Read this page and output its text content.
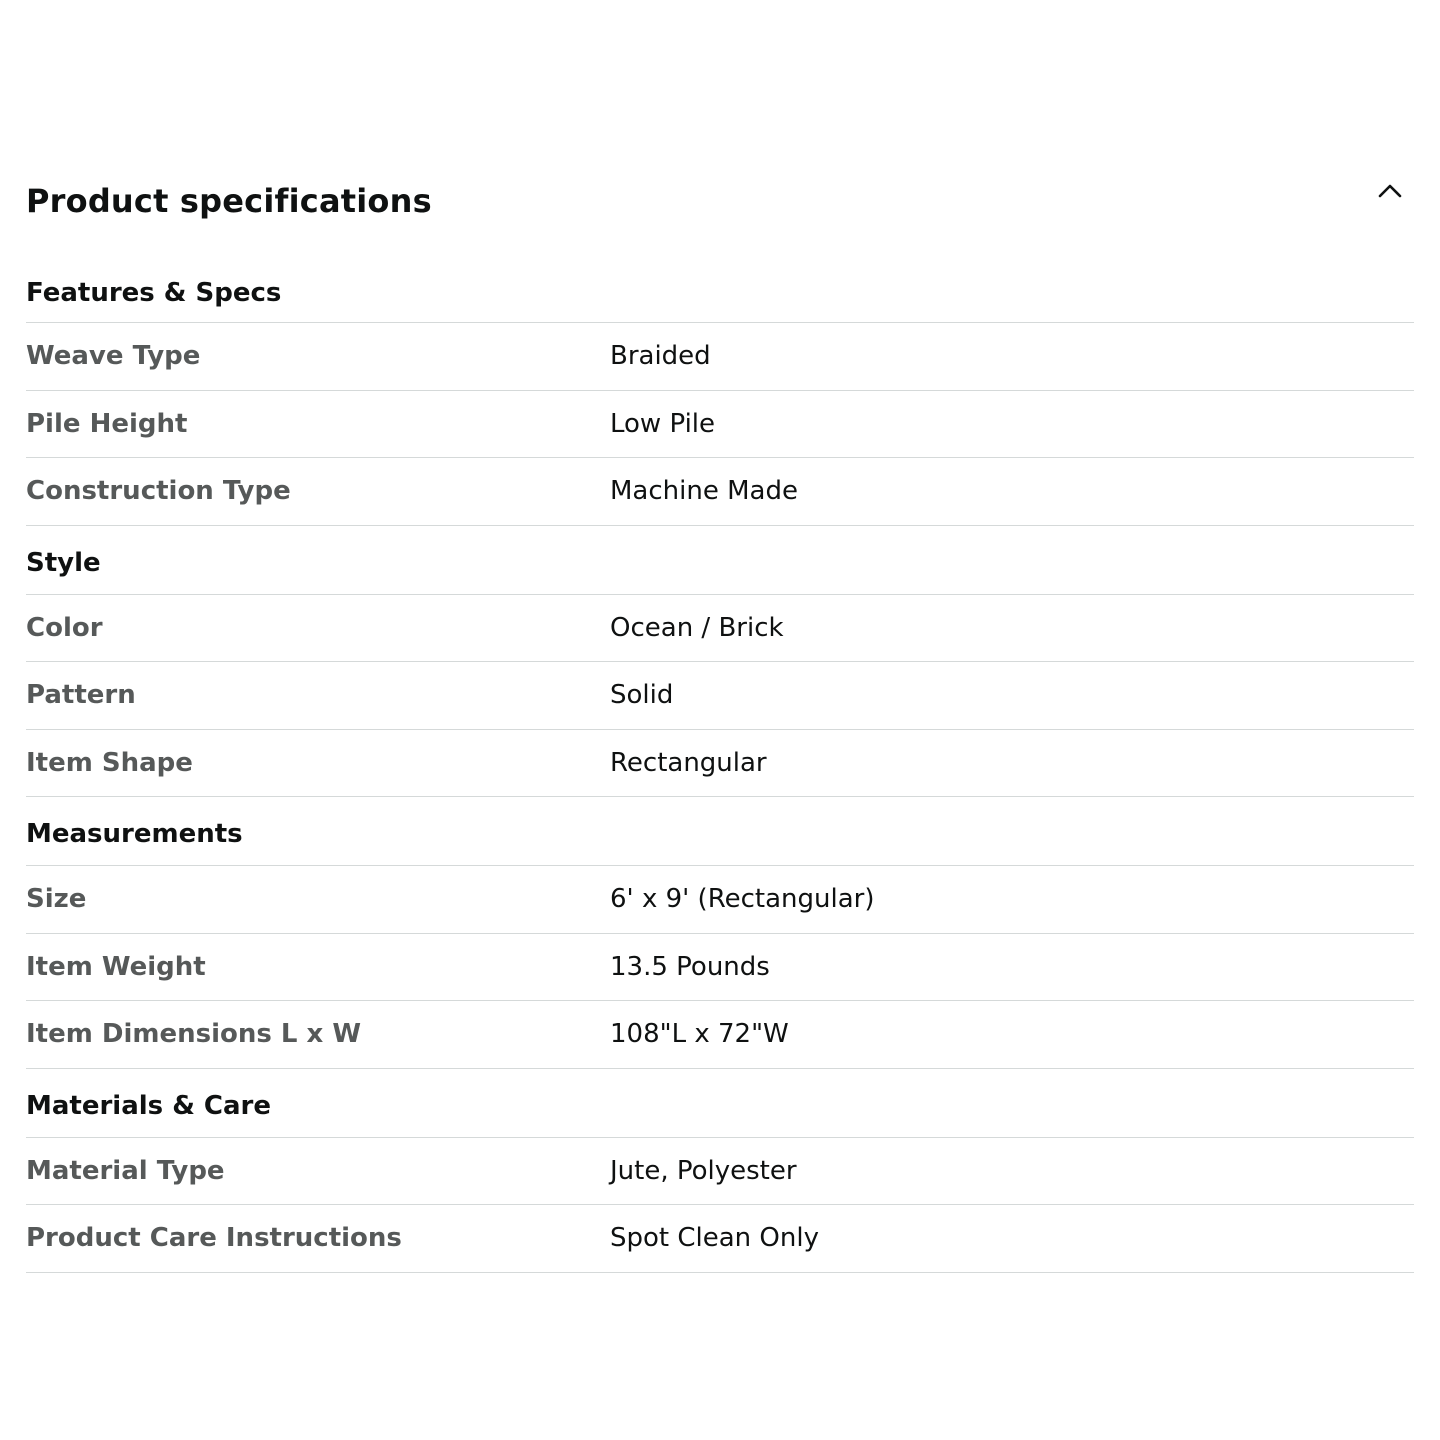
Product specifications
Features & Specs
Weave Type	Braided
Pile Height	Low Pile
Construction Type	Machine Made
Style
Color	Ocean / Brick
Pattern	Solid
Item Shape	Rectangular
Measurements
Size	6' x 9' (Rectangular)
Item Weight	13.5 Pounds
Item Dimensions L x W	108"L x 72"W
Materials & Care
Material Type	Jute, Polyester
Product Care Instructions	Spot Clean Only
